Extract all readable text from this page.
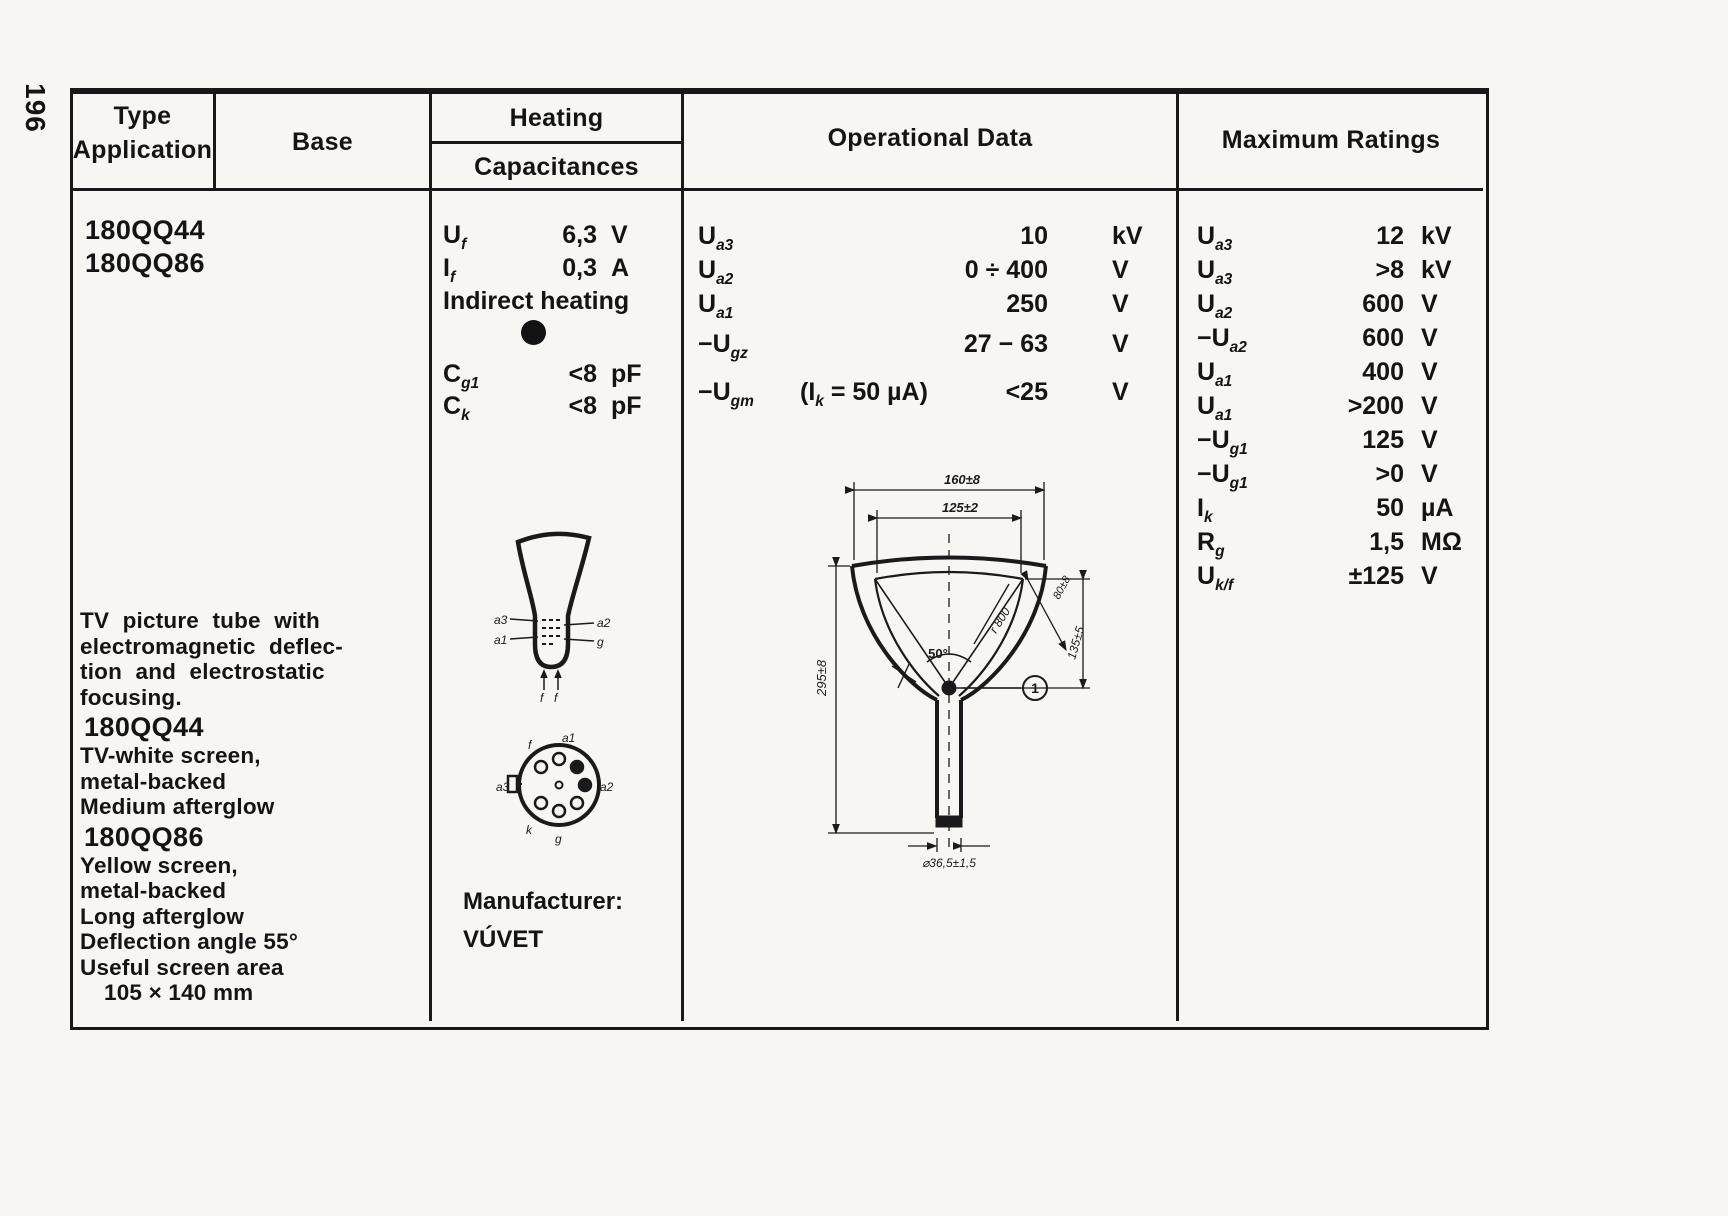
196	Type
Application	Base
Heating
Capacitances
Operational Data	Maximum Ratings
180QQ44
180QQ86
TV picture tube with
electromagnetic deflec-
tion and electrostatic
focusing.
180QQ44
TV-white screen,
metal-backed
Medium afterglow
180QQ86
Yellow screen,
metal-backed
Long afterglow
Deflection angle 55°
Useful screen area
105 × 140 mm
$U_f$	6,3 V
$I_f$	0,3 A
Indirect heating
$C_{g1}$	<8 pF
$C_k$	<8 pF
a3
a1
a2
g
f f
a1
f
a3
k
g
a2
Manufacturer:
VÚVET
$U_{a3}$	10	kV
$U_{a2}$	0 ÷ 400	V
$U_{a1}$	250	V
$-U_{gz}$	27 − 63	V
$-U_{gm}$ ($I_k = 50$ µA)	<25	V
160±8
125±2
r 800
80±8
135±5
295±8
50°
1
⌀36,5±1,5
$U_{a3}$	12 kV
$U_{a3}$	>8 kV
$U_{a2}$	600 V
$-U_{a2}$	600 V
$U_{a1}$	400 V
$U_{a1}$	>200 V
$-U_{g1}$	125 V
$-U_{g1}$	>0 V
$I_k$	50 µA
$R_g$	1,5 MΩ
$U_{k/f}$	±125 V
